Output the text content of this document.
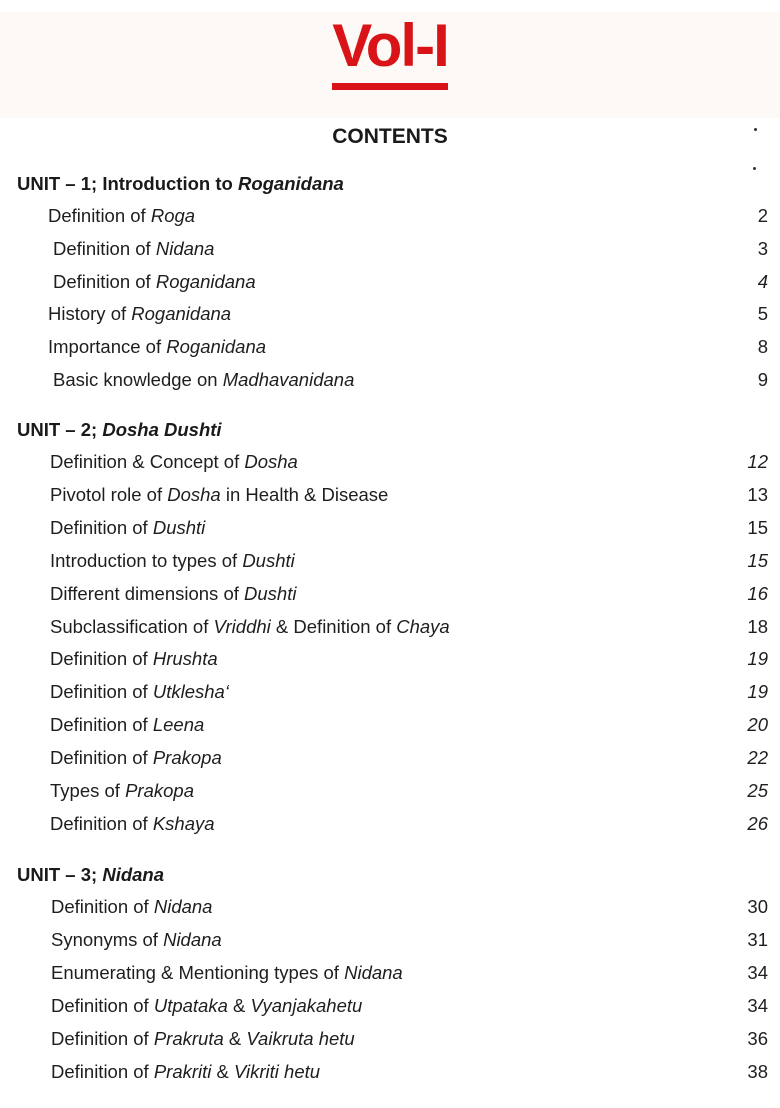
Vol-I
CONTENTS
UNIT – 1; Introduction to Roganidana
Definition of Roga	2
Definition of Nidana	3
Definition of Roganidana	4
History of Roganidana	5
Importance of Roganidana	8
Basic knowledge on Madhavanidana	9
UNIT – 2; Dosha Dushti
Definition & Concept of Dosha	12
Pivotol role of Dosha in Health & Disease	13
Definition of Dushti	15
Introduction to types of Dushti	15
Different dimensions of Dushti	16
Subclassification of Vriddhi & Definition of Chaya	18
Definition of Hrushta	19
Definition of Utklesha‘	19
Definition of Leena	20
Definition of Prakopa	22
Types of Prakopa	25
Definition of Kshaya	26
UNIT – 3; Nidana
Definition of Nidana	30
Synonyms of Nidana	31
Enumerating & Mentioning types of Nidana	34
Definition of Utpataka & Vyanjakahetu	34
Definition of Prakruta & Vaikruta hetu	36
Definition of Prakriti & Vikriti hetu	38
